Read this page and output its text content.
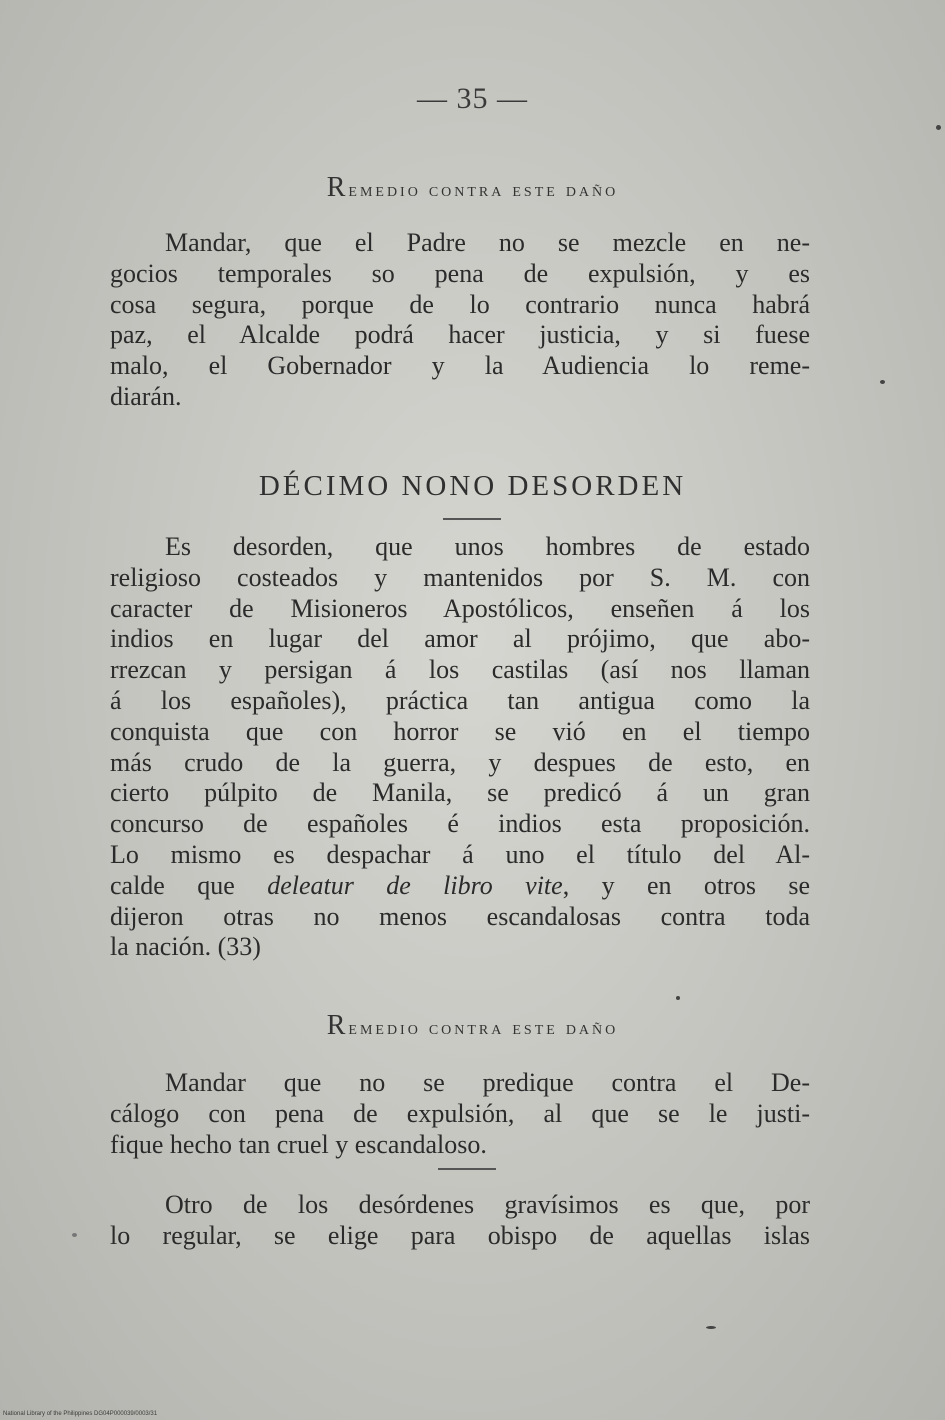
— 35 —
Remedio contra este daño
Mandar, que el Padre no se mezcle en ne-
gocios temporales so pena de expulsión, y es
cosa segura, porque de lo contrario nunca habrá
paz, el Alcalde podrá hacer justicia, y si fuese
malo, el Gobernador y la Audiencia lo reme-
diarán.
DÉCIMO NONO DESORDEN
Es desorden, que unos hombres de estado
religioso costeados y mantenidos por S. M. con
caracter de Misioneros Apostólicos, enseñen á los
indios en lugar del amor al prójimo, que abo-
rrezcan y persigan á los castilas (así nos llaman
á los españoles), práctica tan antigua como la
conquista que con horror se vió en el tiempo
más crudo de la guerra, y despues de esto, en
cierto púlpito de Manila, se predicó á un gran
concurso de españoles é indios esta proposición.
Lo mismo es despachar á uno el título del Al-
calde que deleatur de libro vite, y en otros se
dijeron otras no menos escandalosas contra toda
la nación. (33)
Remedio contra este daño
Mandar que no se predique contra el De-
cálogo con pena de expulsión, al que se le justi-
fique hecho tan cruel y escandaloso.
Otro de los desórdenes gravísimos es que, por
lo regular, se elige para obispo de aquellas islas
National Library of the Philippines DG04P000039/0003/31
